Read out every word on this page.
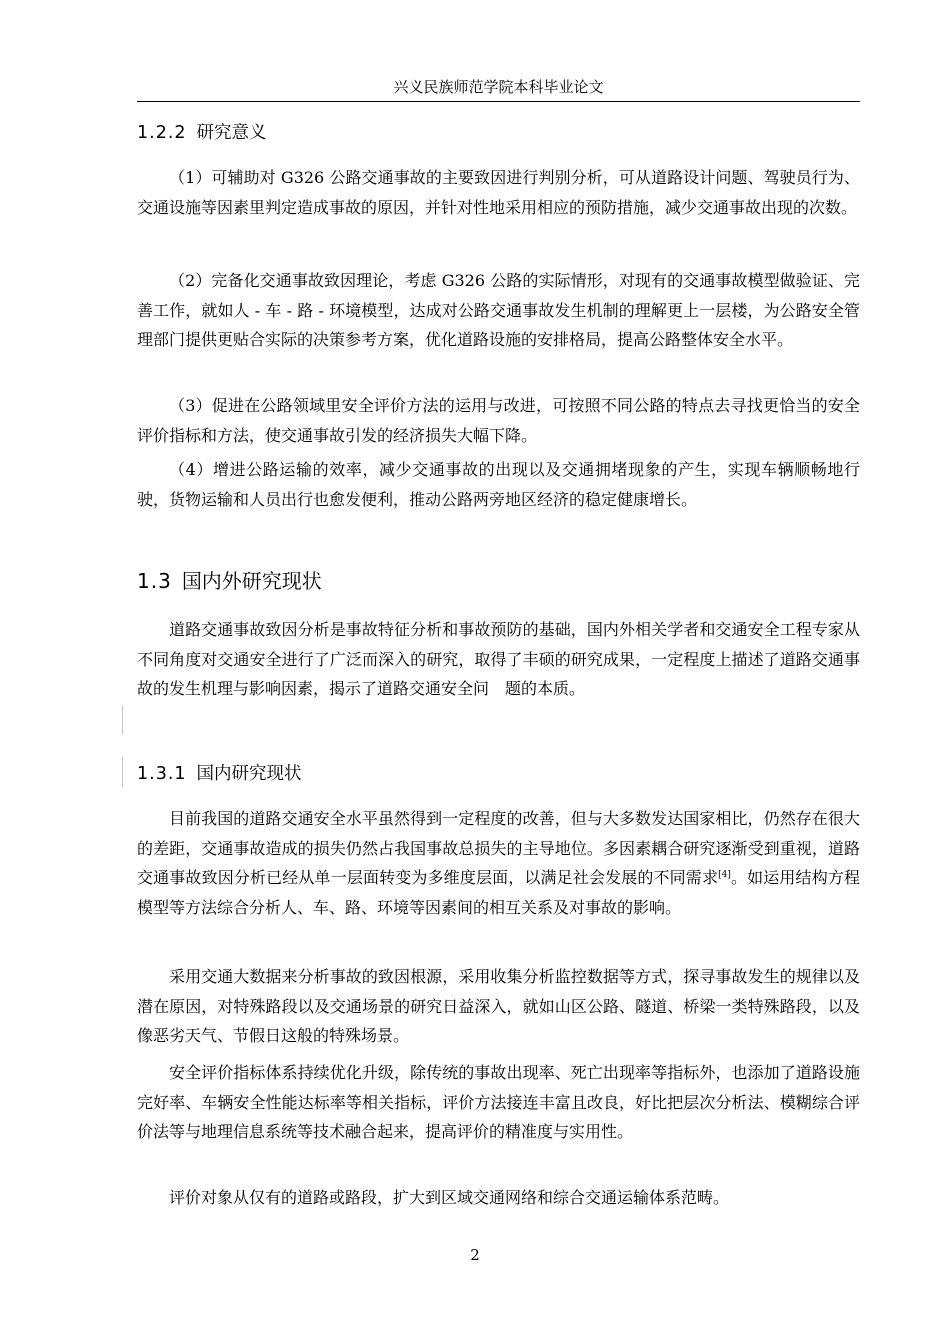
兴义民族师范学院本科毕业论文
1.2.2 研究意义

（1）可辅助对 G326 公路交通事故的主要致因进行判别分析，可从道路设计问题、驾驶员行为、交通设施等因素里判定造成事故的原因，并针对性地采用相应的预防措施，减少交通事故出现的次数。

（2）完备化交通事故致因理论，考虑 G326 公路的实际情形，对现有的交通事故模型做验证、完善工作，就如人 - 车 - 路 - 环境模型，达成对公路交通事故发生机制的理解更上一层楼，为公路安全管理部门提供更贴合实际的决策参考方案，优化道路设施的安排格局，提高公路整体安全水平。

（3）促进在公路领域里安全评价方法的运用与改进，可按照不同公路的特点去寻找更恰当的安全评价指标和方法，使交通事故引发的经济损失大幅下降。

（4）增进公路运输的效率，减少交通事故的出现以及交通拥堵现象的产生，实现车辆顺畅地行驶，货物运输和人员出行也愈发便利，推动公路两旁地区经济的稳定健康增长。

1.3 国内外研究现状

道路交通事故致因分析是事故特征分析和事故预防的基础，国内外相关学者和交通安全工程专家从不同角度对交通安全进行了广泛而深入的研究，取得了丰硕的研究成果，一定程度上描述了道路交通事故的发生机理与影响因素，揭示了道路交通安全问　题的本质。

1.3.1 国内研究现状

目前我国的道路交通安全水平虽然得到一定程度的改善，但与大多数发达国家相比，仍然存在很大的差距，交通事故造成的损失仍然占我国事故总损失的主导地位。多因素耦合研究逐渐受到重视，道路交通事故致因分析已经从单一层面转变为多维度层面，以满足社会发展的不同需求[4]。如运用结构方程模型等方法综合分析人、车、路、环境等因素间的相互关系及对事故的影响。

采用交通大数据来分析事故的致因根源，采用收集分析监控数据等方式，探寻事故发生的规律以及潜在原因，对特殊路段以及交通场景的研究日益深入，就如山区公路、隧道、桥梁一类特殊路段，以及像恶劣天气、节假日这般的特殊场景。

安全评价指标体系持续优化升级，除传统的事故出现率、死亡出现率等指标外，也添加了道路设施完好率、车辆安全性能达标率等相关指标，评价方法接连丰富且改良，好比把层次分析法、模糊综合评价法等与地理信息系统等技术融合起来，提高评价的精准度与实用性。

评价对象从仅有的道路或路段，扩大到区域交通网络和综合交通运输体系范畴。

2
